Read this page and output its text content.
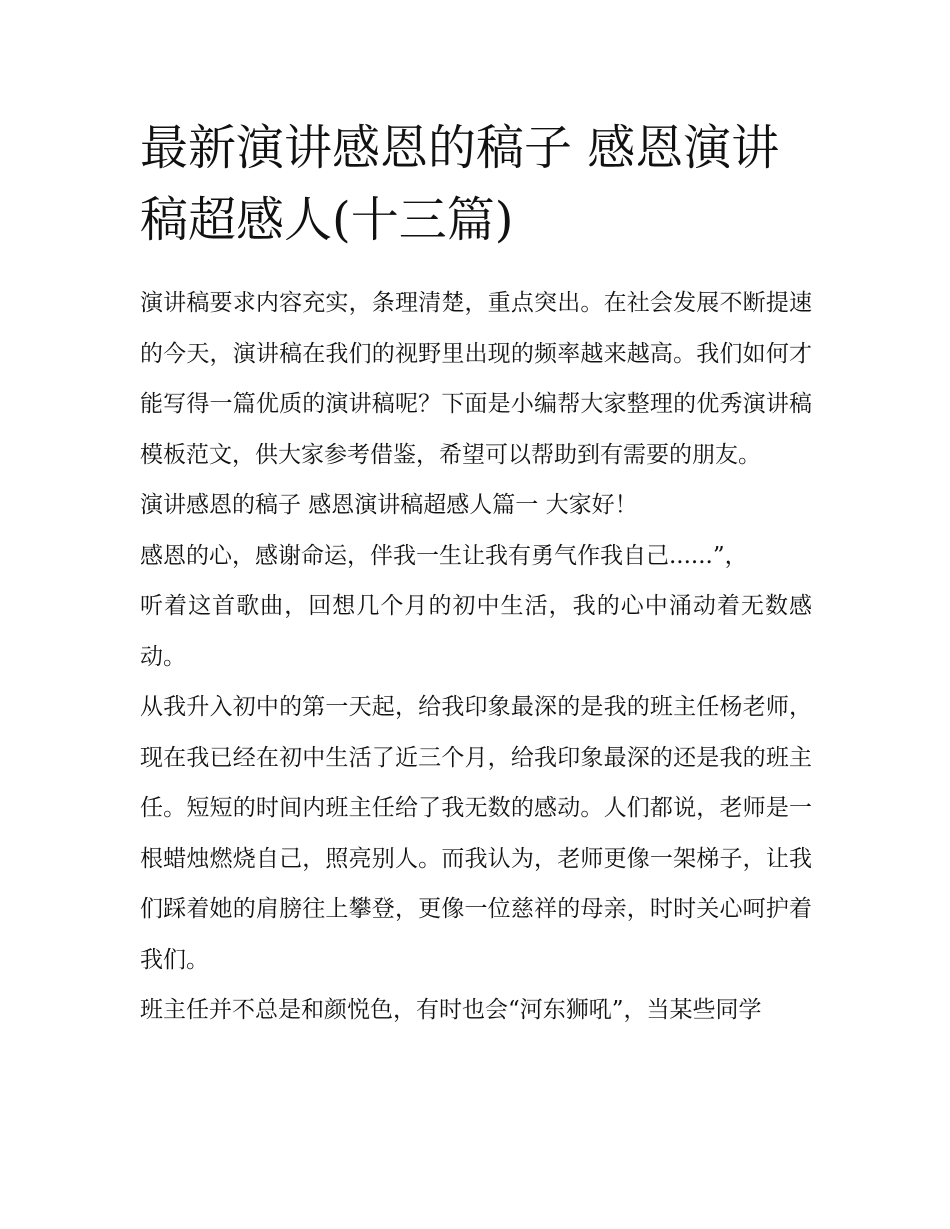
最新演讲感恩的稿子 感恩演讲稿超感人(十三篇)

演讲稿要求内容充实，条理清楚，重点突出。在社会发展不断提速的今天，演讲稿在我们的视野里出现的频率越来越高。我们如何才能写得一篇优质的演讲稿呢？下面是小编帮大家整理的优秀演讲稿模板范文，供大家参考借鉴，希望可以帮助到有需要的朋友。

演讲感恩的稿子 感恩演讲稿超感人篇一 大家好！

感恩的心，感谢命运，伴我一生让我有勇气作我自己......”，

听着这首歌曲，回想几个月的初中生活，我的心中涌动着无数感动。

从我升入初中的第一天起，给我印象最深的是我的班主任杨老师，现在我已经在初中生活了近三个月，给我印象最深的还是我的班主任。短短的时间内班主任给了我无数的感动。人们都说，老师是一根蜡烛燃烧自己，照亮别人。而我认为，老师更像一架梯子，让我们踩着她的肩膀往上攀登，更像一位慈祥的母亲，时时关心呵护着我们。

班主任并不总是和颜悦色，有时也会“河东狮吼”，当某些同学
